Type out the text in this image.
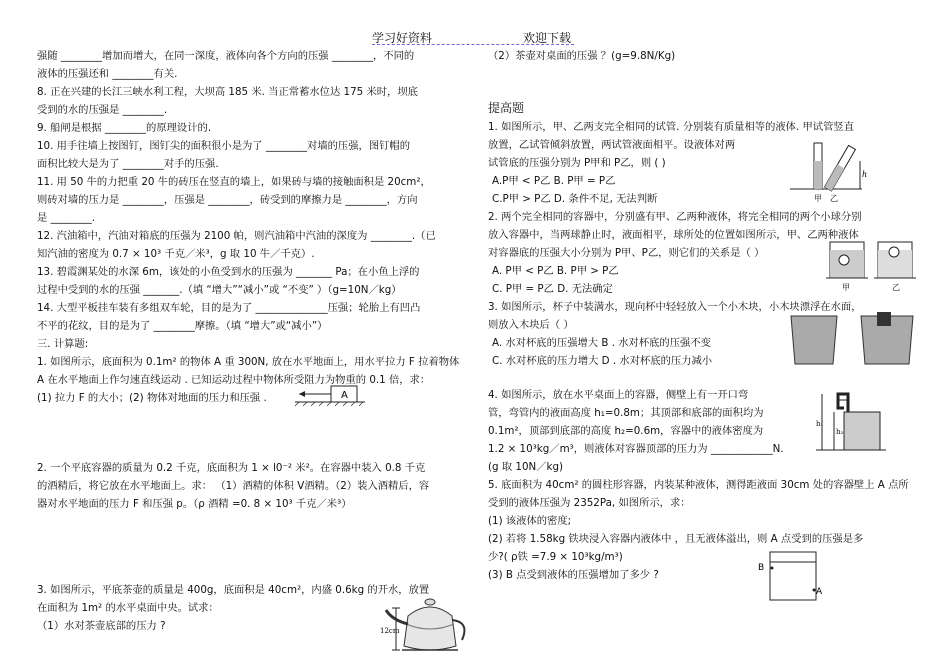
学习好资料	欢迎下载
强随 ________增加而增大，在同一深度，液体向各个方向的压强 ________，不同的
液体的压强还和 ________有关.
8. 正在兴建的长江三峡水利工程，大坝高 185 米. 当正常蓄水位达 175 米时，坝底
受到的水的压强是 ________.
9. 船闸是根据 ________的原理设计的.
10. 用手往墙上按图钉，图钉尖的面积很小是为了 ________对墙的压强，图钉帽的
面积比较大是为了 ________对手的压强.
11. 用 50 牛的力把重 20 牛的砖压在竖直的墙上，如果砖与墙的接触面积是 20cm²，
则砖对墙的压力是 ________，压强是 ________，砖受到的摩擦力是 ________，方向
是 ________.
12. 汽油箱中，汽油对箱底的压强为 2100 帕，则汽油箱中汽油的深度为 ________.（已
知汽油的密度为 0.7 × 10³ 千克／米³，g 取 10 牛／千克）.
13. 碧霞渊某处的水深 6m，该处的小鱼受到水的压强为 _______ Pa；在小鱼上浮的
过程中受到的水的压强 _______.（填 “增大”“减小”或 “不变” ）（g=10N／kg）
14. 大型平板挂车装有多组双车轮，目的是为了 ______________压强；轮胎上有凹凸
不平的花纹，目的是为了 ________摩擦。（填 “增大”或“减小”）
三. 计算题:
1. 如图所示，底面积为 0.1m² 的物体 A 重 300N, 放在水平地面上，用水平拉力 F 拉着物体
A 在水平地面上作匀速直线运动 . 已知运动过程中物体所受阻力为物重的 0.1 倍，求：
(1) 拉力 F 的大小；(2) 物体对地面的压力和压强 .
2. 一个平底容器的质量为 0.2 千克，底面积为 1 × l0⁻² 米²。在容器中装入 0.8 千克
的酒精后，将它放在水平地面上。求： （1）酒精的体积 V酒精。（2）装入酒精后，容
器对水平地面的压力 F 和压强 p。（ρ 酒精 =0. 8 × 10³ 千克／米³）
3. 如图所示，平底茶壶的质量是 400g，底面积是 40cm²，内盛 0.6kg 的开水，放置
在面积为 1m² 的水平桌面中央。试求：
（1）水对茶壶底部的压力 ?
A
12cm
（2）茶壶对桌面的压强 ？(g=9.8N/Kg)
提高题
1. 如图所示，甲、乙两支完全相同的试管. 分别装有质量相等的液体. 甲试管竖直
放置，乙试管倾斜放置，两试管液面相平。设液体对两
试管底的压强分别为 P甲和 P乙，则 ( )
A.P甲 < P乙 B. P甲 = P乙
C.P甲 > P乙 D. 条件不足, 无法判断
2. 两个完全相同的容器中，分别盛有甲、乙两种液体，将完全相同的两个小球分别
放入容器中，当两球静止时，液面相平，球所处的位置如图所示，甲、乙两种液体
对容器底的压强大小分别为 P甲、P乙，则它们的关系是（ ）
A. P甲 < P乙 B. P甲 > P乙
C. P甲 = P乙 D. 无法确定
3. 如图所示，杯子中装满水，现向杯中轻轻放入一个小木块，小木块漂浮在水面，
则放入木块后（ ）
A. 水对杯底的压强增大 B . 水对杯底的压强不变
C. 水对杯底的压力增大 D . 水对杯底的压力减小
4. 如图所示，放在水平桌面上的容器，侧壁上有一开口弯
管，弯管内的液面高度 h₁=0.8m；其顶部和底部的面积均为
0.1m²，顶部到底部的高度 h₂=0.6m，容器中的液体密度为
1.2 × 10³kg／m³，则液体对容器顶部的压力为 ____________N.
(g 取 10N／kg)
5. 底面积为 40cm² 的圆柱形容器，内装某种液体，测得距液面 30cm 处的容器壁上 A 点所
受到的液体压强为 2352Pa, 如图所示，求：
(1) 该液体的密度;
(2) 若将 1.58kg 铁块浸入容器内液体中 ，且无液体溢出，则 A 点受到的压强是多
少?( ρ铁 =7.9 × 10³kg/m³)
(3) B 点受到液体的压强增加了多少 ?
h
甲 乙
甲	乙
h₁
h₂
B
A
